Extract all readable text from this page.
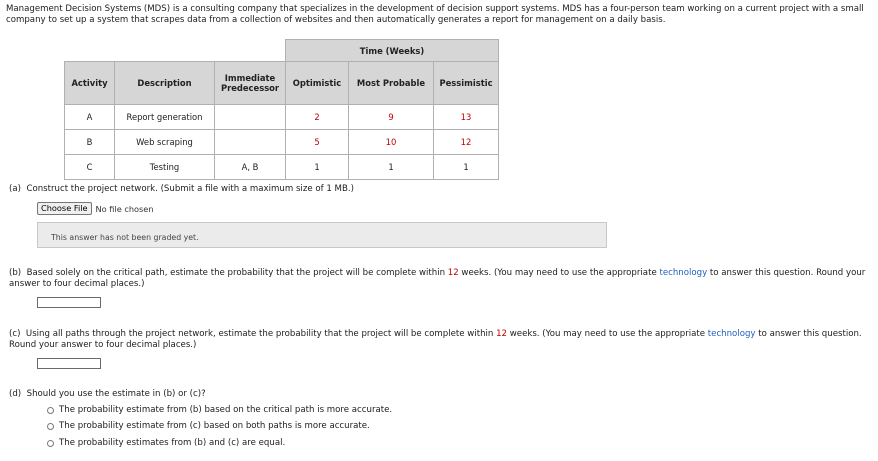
Management Decision Systems (MDS) is a consulting company that specializes in the development of decision support systems. MDS has a four-person team working on a current project with a small company to set up a system that scrapes data from a collection of websites and then automatically generates a report for management on a daily basis.
			Time (Weeks)		
Activity	Description	Immediate Predecessor	Optimistic	Most Probable	Pessimistic
A	Report generation		2	9	13
B	Web scraping		5	10	12
C	Testing	A, B	1	1	1
(a) Construct the project network. (Submit a file with a maximum size of 1 MB.)
Choose File No file chosen
This answer has not been graded yet.
(b) Based solely on the critical path, estimate the probability that the project will be complete within 12 weeks. (You may need to use the appropriate technology to answer this question. Round your answer to four decimal places.)
(c) Using all paths through the project network, estimate the probability that the project will be complete within 12 weeks. (You may need to use the appropriate technology to answer this question. Round your answer to four decimal places.)
(d) Should you use the estimate in (b) or (c)?
The probability estimate from (b) based on the critical path is more accurate.
The probability estimate from (c) based on both paths is more accurate.
The probability estimates from (b) and (c) are equal.
